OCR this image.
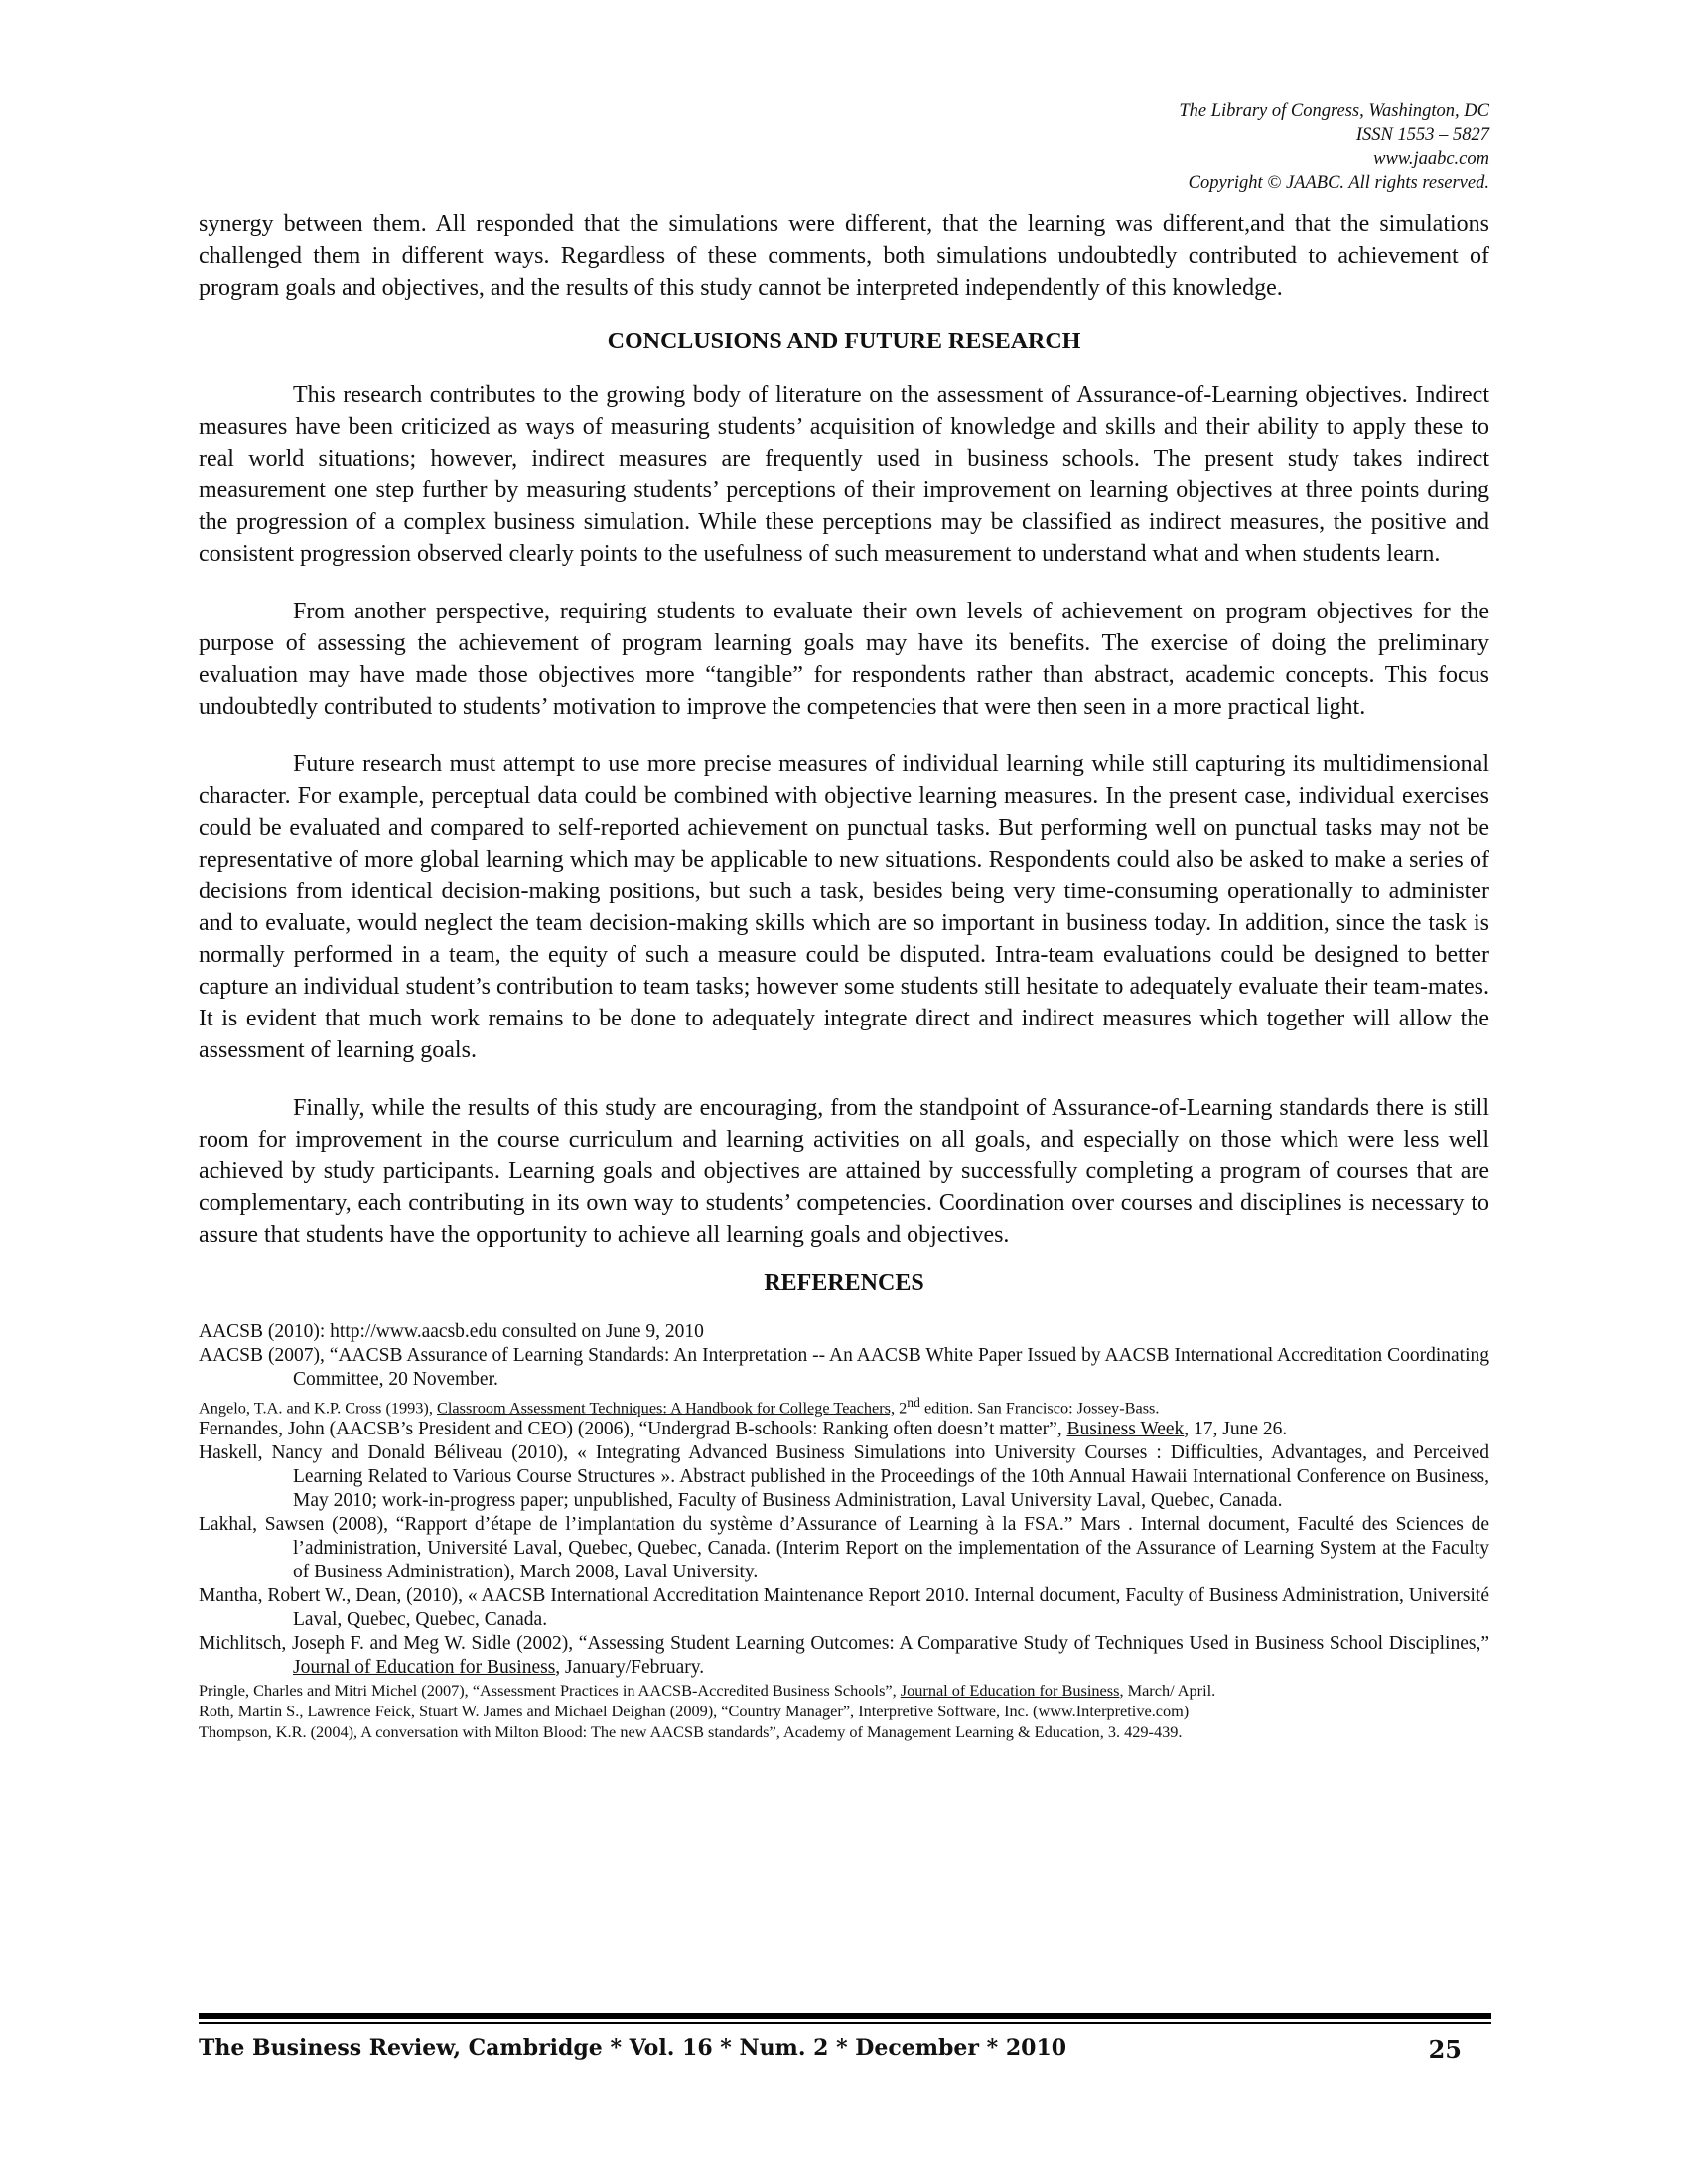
The Library of Congress, Washington, DC
ISSN 1553 – 5827
www.jaabc.com
Copyright © JAABC. All rights reserved.

synergy between them. All responded that the simulations were different, that the learning was different,and that the simulations challenged them in different ways. Regardless of these comments, both simulations undoubtedly contributed to achievement of program goals and objectives, and the results of this study cannot be interpreted independently of this knowledge.

CONCLUSIONS AND FUTURE RESEARCH

This research contributes to the growing body of literature on the assessment of Assurance-of-Learning objectives. Indirect measures have been criticized as ways of measuring students’ acquisition of knowledge and skills and their ability to apply these to real world situations; however, indirect measures are frequently used in business schools. The present study takes indirect measurement one step further by measuring students’ perceptions of their improvement on learning objectives at three points during the progression of a complex business simulation. While these perceptions may be classified as indirect measures, the positive and consistent progression observed clearly points to the usefulness of such measurement to understand what and when students learn.

From another perspective, requiring students to evaluate their own levels of achievement on program objectives for the purpose of assessing the achievement of program learning goals may have its benefits. The exercise of doing the preliminary evaluation may have made those objectives more “tangible” for respondents rather than abstract, academic concepts. This focus undoubtedly contributed to students’ motivation to improve the competencies that were then seen in a more practical light.

Future research must attempt to use more precise measures of individual learning while still capturing its multidimensional character. For example, perceptual data could be combined with objective learning measures. In the present case, individual exercises could be evaluated and compared to self-reported achievement on punctual tasks. But performing well on punctual tasks may not be representative of more global learning which may be applicable to new situations. Respondents could also be asked to make a series of decisions from identical decision-making positions, but such a task, besides being very time-consuming operationally to administer and to evaluate, would neglect the team decision-making skills which are so important in business today. In addition, since the task is normally performed in a team, the equity of such a measure could be disputed. Intra-team evaluations could be designed to better capture an individual student’s contribution to team tasks; however some students still hesitate to adequately evaluate their team-mates. It is evident that much work remains to be done to adequately integrate direct and indirect measures which together will allow the assessment of learning goals.

Finally, while the results of this study are encouraging, from the standpoint of Assurance-of-Learning standards there is still room for improvement in the course curriculum and learning activities on all goals, and especially on those which were less well achieved by study participants. Learning goals and objectives are attained by successfully completing a program of courses that are complementary, each contributing in its own way to students’ competencies. Coordination over courses and disciplines is necessary to assure that students have the opportunity to achieve all learning goals and objectives.

REFERENCES

AACSB (2010): http://www.aacsb.edu consulted on June 9, 2010

AACSB (2007), “AACSB Assurance of Learning Standards: An Interpretation -- An AACSB White Paper Issued by AACSB International Accreditation Coordinating Committee, 20 November.

Angelo, T.A. and K.P. Cross (1993), Classroom Assessment Techniques: A Handbook for College Teachers, 2nd edition. San Francisco: Jossey-Bass.

Fernandes, John (AACSB’s President and CEO) (2006), “Undergrad B-schools: Ranking often doesn’t matter”, Business Week, 17, June 26.

Haskell, Nancy and Donald Béliveau (2010), « Integrating Advanced Business Simulations into University Courses : Difficulties, Advantages, and Perceived Learning Related to Various Course Structures ». Abstract published in the Proceedings of the 10th Annual Hawaii International Conference on Business, May 2010; work-in-progress paper; unpublished, Faculty of Business Administration, Laval University Laval, Quebec, Canada.

Lakhal, Sawsen (2008), “Rapport d’étape de l’implantation du système d’Assurance of Learning à la FSA.” Mars . Internal document, Faculté des Sciences de l’administration, Université Laval, Quebec, Quebec, Canada. (Interim Report on the implementation of the Assurance of Learning System at the Faculty of Business Administration), March 2008, Laval University.

Mantha, Robert W., Dean, (2010), « AACSB International Accreditation Maintenance Report 2010. Internal document, Faculty of Business Administration, Université Laval, Quebec, Quebec, Canada.

Michlitsch, Joseph F. and Meg W. Sidle (2002), “Assessing Student Learning Outcomes: A Comparative Study of Techniques Used in Business School Disciplines,” Journal of Education for Business, January/February.

Pringle, Charles and Mitri Michel (2007), “Assessment Practices in AACSB-Accredited Business Schools”, Journal of Education for Business, March/ April.

Roth, Martin S., Lawrence Feick, Stuart W. James and Michael Deighan (2009), “Country Manager”, Interpretive Software, Inc. (www.Interpretive.com)

Thompson, K.R. (2004), A conversation with Milton Blood: The new AACSB standards”, Academy of Management Learning & Education, 3. 429-439.

The Business Review, Cambridge * Vol. 16 * Num. 2 * December * 2010	25
